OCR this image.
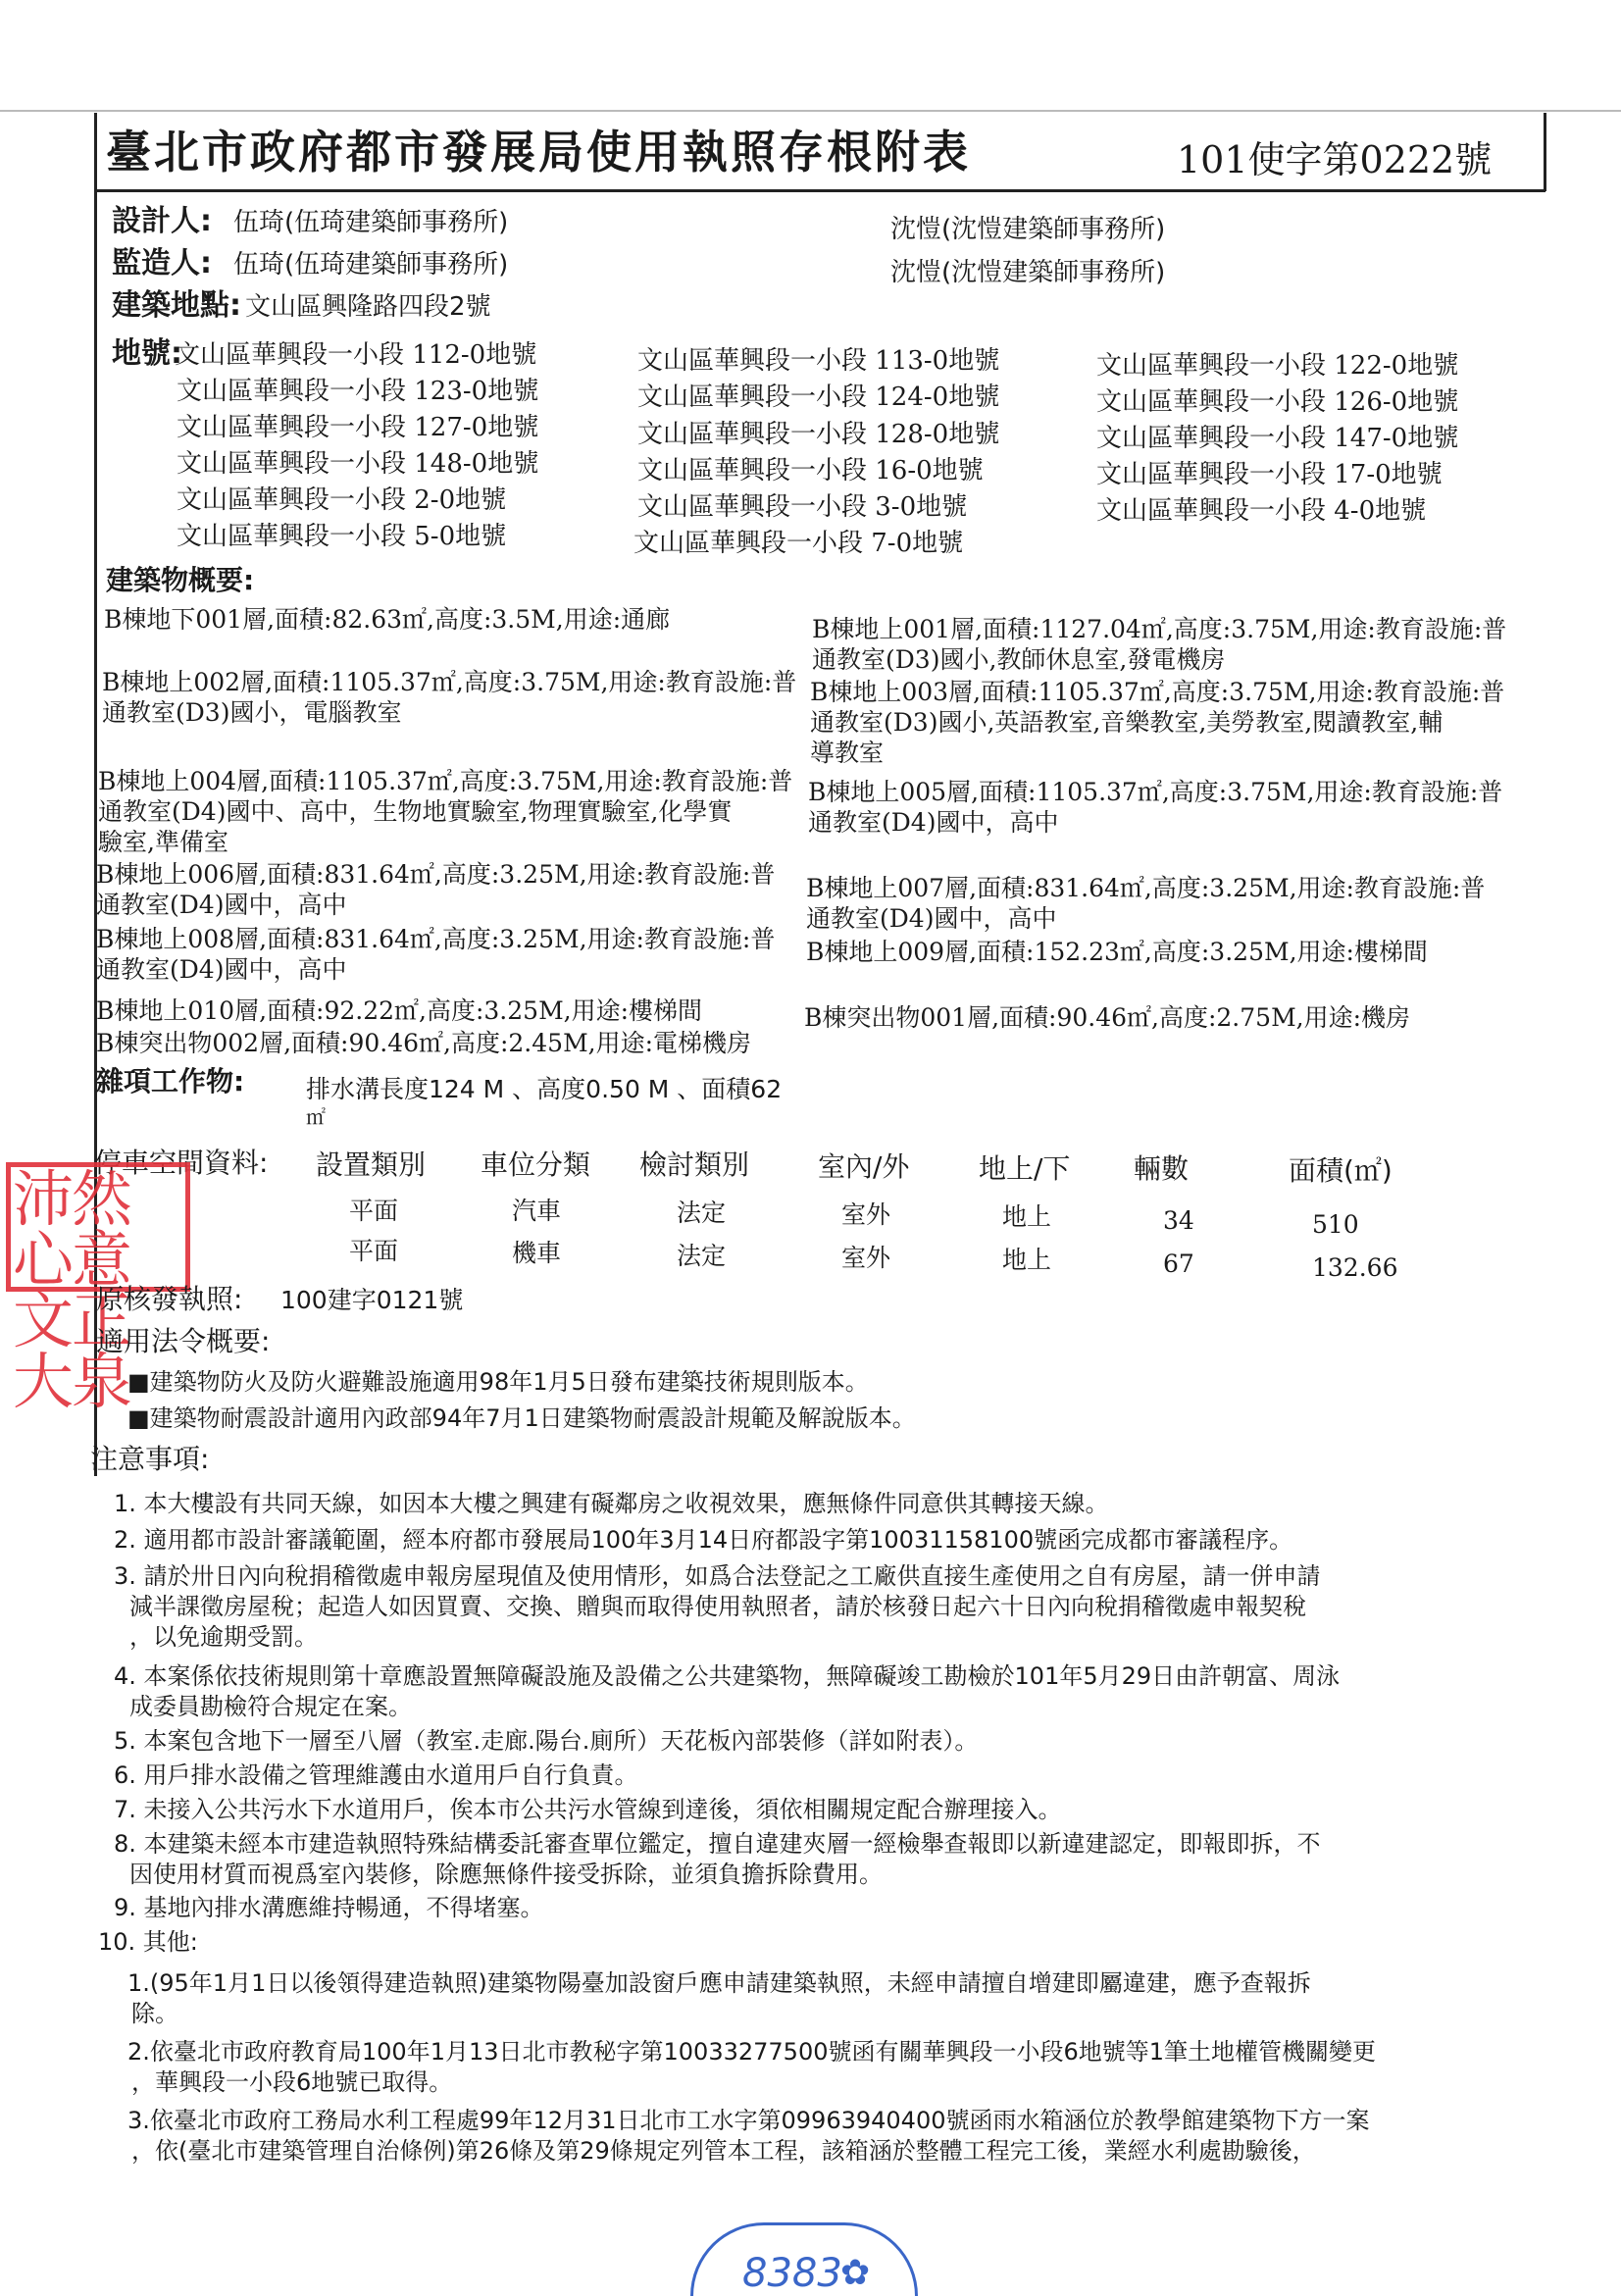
臺北市政府都市發展局使用執照存根附表	101使字第0222號
設計人: 伍琦(伍琦建築師事務所)	沈愷(沈愷建築師事務所)
監造人: 伍琦(伍琦建築師事務所)	沈愷(沈愷建築師事務所)
建築地點: 文山區興隆路四段2號
地號:
文山區華興段一小段 112-0地號	文山區華興段一小段 113-0地號	文山區華興段一小段 122-0地號
文山區華興段一小段 123-0地號	文山區華興段一小段 124-0地號	文山區華興段一小段 126-0地號
文山區華興段一小段 127-0地號	文山區華興段一小段 128-0地號	文山區華興段一小段 147-0地號
文山區華興段一小段 148-0地號	文山區華興段一小段 16-0地號	文山區華興段一小段 17-0地號
文山區華興段一小段 2-0地號	文山區華興段一小段 3-0地號	文山區華興段一小段 4-0地號
文山區華興段一小段 5-0地號	文山區華興段一小段 7-0地號
建築物概要:
B棟地下001層,面積:82.63㎡,高度:3.5M,用途:通廊	B棟地上001層,面積:1127.04㎡,高度:3.75M,用途:教育設施:普
通教室(D3)國小,教師休息室,發電機房
B棟地上002層,面積:1105.37㎡,高度:3.75M,用途:教育設施:普
通教室(D3)國小，電腦教室
B棟地上003層,面積:1105.37㎡,高度:3.75M,用途:教育設施:普
通教室(D3)國小,英語教室,音樂教室,美勞教室,閱讀教室,輔
導教室
B棟地上004層,面積:1105.37㎡,高度:3.75M,用途:教育設施:普
通教室(D4)國中、高中，生物地實驗室,物理實驗室,化學實
驗室,準備室
B棟地上005層,面積:1105.37㎡,高度:3.75M,用途:教育設施:普
通教室(D4)國中，高中
B棟地上006層,面積:831.64㎡,高度:3.25M,用途:教育設施:普
通教室(D4)國中，高中
B棟地上007層,面積:831.64㎡,高度:3.25M,用途:教育設施:普
通教室(D4)國中，高中
B棟地上008層,面積:831.64㎡,高度:3.25M,用途:教育設施:普
通教室(D4)國中，高中
B棟地上009層,面積:152.23㎡,高度:3.25M,用途:樓梯間
B棟地上010層,面積:92.22㎡,高度:3.25M,用途:樓梯間	B棟突出物001層,面積:90.46㎡,高度:2.75M,用途:機房
B棟突出物002層,面積:90.46㎡,高度:2.45M,用途:電梯機房
雜項工作物:	排水溝長度124 M 、高度0.50 M 、面積62
㎡
停車空間資料: 設置類別 車位分類 檢討類別 室內/外	地上/下 輛數	面積(㎡)
平面	汽車	法定	室外	地上	34	510
平面	機車	法定	室外	地上	67	132.66
沛然心意文正大泉
原核發執照: 100建字0121號
適用法令概要:
■建築物防火及防火避難設施適用98年1月5日發布建築技術規則版本。
■建築物耐震設計適用內政部94年7月1日建築物耐震設計規範及解說版本。
注意事項:
1. 本大樓設有共同天線，如因本大樓之興建有礙鄰房之收視效果，應無條件同意供其轉接天線。
2. 適用都市設計審議範圍，經本府都市發展局100年3月14日府都設字第10031158100號函完成都市審議程序。
3. 請於卅日內向稅捐稽徵處申報房屋現值及使用情形，如爲合法登記之工廠供直接生產使用之自有房屋，請一併申請
減半課徵房屋稅；起造人如因買賣、交換、贈與而取得使用執照者，請於核發日起六十日內向稅捐稽徵處申報契稅
，以免逾期受罰。
4. 本案係依技術規則第十章應設置無障礙設施及設備之公共建築物，無障礙竣工勘檢於101年5月29日由許朝富、周泳
成委員勘檢符合規定在案。
5. 本案包含地下一層至八層（教室.走廊.陽台.廁所）天花板內部裝修（詳如附表）。
6. 用戶排水設備之管理維護由水道用戶自行負責。
7. 未接入公共污水下水道用戶，俟本市公共污水管線到達後，須依相關規定配合辦理接入。
8. 本建築未經本市建造執照特殊結構委託審查單位鑑定，擅自違建夾層一經檢舉查報即以新違建認定，即報即拆，不
因使用材質而視爲室內裝修，除應無條件接受拆除，並須負擔拆除費用。
9. 基地內排水溝應維持暢通，不得堵塞。
10. 其他:
1.(95年1月1日以後領得建造執照)建築物陽臺加設窗戶應申請建築執照，未經申請擅自增建即屬違建，應予查報拆
除。
2.依臺北市政府教育局100年1月13日北市教秘字第10033277500號函有關華興段一小段6地號等1筆土地權管機關變更
，華興段一小段6地號已取得。
3.依臺北市政府工務局水利工程處99年12月31日北市工水字第09963940400號函雨水箱涵位於教學館建築物下方一案
，依(臺北市建築管理自治條例)第26條及第29條規定列管本工程，該箱涵於整體工程完工後，業經水利處勘驗後，
8383
✿
